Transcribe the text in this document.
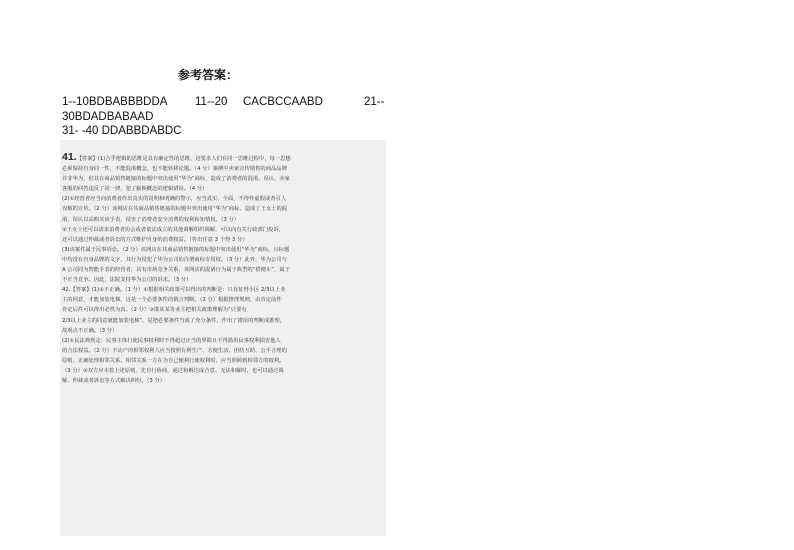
参考答案：
1--10BDBABBBDDA 11--20 CACBCCAABD	21--
30BDADBABAAD
31- -40 DDABBDABDC

41.【答案】(1)合乎逻辑的思维是具有确定性的思维，这要求人们在同一思维过程中，每一思想

必须保持自身同一性，不能混淆概念，也不能转移论题。（4 分）案例中卖家宣传销售的商品品牌

并非华为，但其在商品销售链接的标题中突出使用“华为”商标，造成了消费者的混淆、误认，卖家

客服的回答违反了同一律，犯了偷换概念的逻辑错误。（4 分）

(2)①经营者应当向消费者作出真实的说明和明确的警示，应当真实、全面，不得作虚假或者引人

误解的宣传。（2 分）该网店在其商品销售链接的标题中突出使用“华为”商标，造成了王女士的混

淆、误认以高购买该手表，侵害了消费者安全消费的权利和知情权。（3 分）

②王女士还可以请求消费者协会或者依法成立的其他调解组织调解，可以向有关行政部门投诉，

还可以通过仲裁或者诉讼的方式维护自身的消费权益。（答出任意 3 个得 3 分）

(3)该案件属于民事诉讼。（2 分）该网店在其商品销售链接的标题中突出使用“华为”商标，且标题

中均没有自身品牌的文字，其行为侵犯了华为公司的注册商标专用权。（3 分）此外，华为公司与

A 公司同为智能手表的经营者，具有市场竞争关系，该网店的混淆行为属于典型的“搭便车”，属于

不正当竞争。因此，法院支持华为公司的诉求。（3 分）

42.【答案】(1)①不正确。（1 分）①根据相关政策可以得出的判断是：只有征得小区 2/3以上业

主的同意，才能加装电梯，这是一个必要条件的假言判断。（2 分）根据推理规则，由肯定前件

肯定后件可以得出必然为真。（2 分）③漆某某等业主把相关政策理解为“只要有

2/3以上业主的同意就能加装电梯”，是把必要条件当成了充分条件，作出了错误的判断或推理，

故观点不正确。（3 分）

(2)①民法典规定：民事主体行使民事权利时不得超过正当的界限且不得滥用民事权利损害他人

的合法权益。（2 分）不动产的相邻权利人应当按照有利生产、方便生活、团结互助、公平合理的

原则，正确处理相邻关系。相邻关系一方在为自己便利行使权利时，应当照顾到相邻方的权利。

（3 分）②双方应本着上述原则，先自行协商，通过和解达成合意。无法和解时，也可以通过调

解、仲裁或者诉讼等方式解决纠纷。（3 分）
